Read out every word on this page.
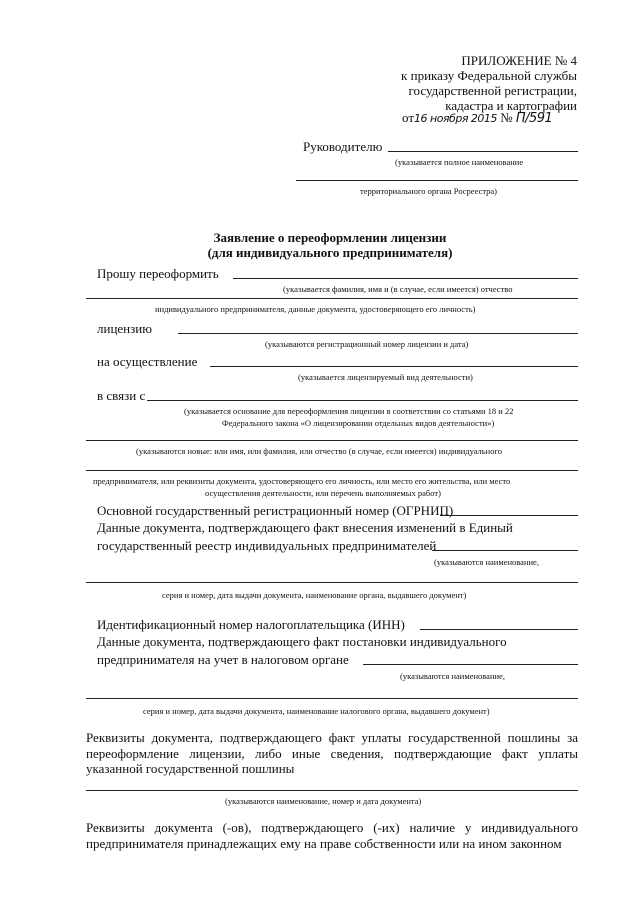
ПРИЛОЖЕНИЕ № 4
к приказу Федеральной службы
государственной регистрации,
кадастра и картографии
от16 ноября 2015 № П/591
Руководителю
(указывается полное наименование
территориального органа Росреестра)
Заявление о переоформлении лицензии
(для индивидуального предпринимателя)
Прошу переоформить
(указывается фамилия, имя и (в случае, если имеется) отчество
индивидуального предпринимателя, данные документа, удостоверяющего его личность)
лицензию
(указываются регистрационный номер лицензии и дата)
на осуществление
(указывается лицензируемый вид деятельности)
в связи с
(указывается основание для переоформления лицензии в соответствии со статьями 18 и 22
Федерального закона «О лицензировании отдельных видов деятельности»)
(указываются новые: или имя, или фамилия, или отчество (в случае, если имеется) индивидуального
предпринимателя, или реквизиты документа, удостоверяющего его личность, или место его жительства, или место
осуществления деятельности, или перечень выполняемых работ)
Основной государственный регистрационный номер (ОГРНИП)
Данные документа, подтверждающего факт внесения изменений в Единый
государственный реестр индивидуальных предпринимателей
(указываются наименование,
серия и номер, дата выдачи документа, наименование органа, выдавшего документ)
Идентификационный номер налогоплательщика (ИНН)
Данные документа, подтверждающего факт постановки индивидуального
предпринимателя на учет в налоговом органе
(указываются наименование,
серия и номер, дата выдачи документа, наименование налогового органа, выдавшего документ)
Реквизиты документа, подтверждающего факт уплаты государственной пошлины за переоформление лицензии, либо иные сведения, подтверждающие факт уплаты указанной государственной пошлины
(указываются наименование, номер и дата документа)
Реквизиты документа (-ов), подтверждающего (-их) наличие у индивидуального предпринимателя принадлежащих ему на праве собственности или на ином законном
